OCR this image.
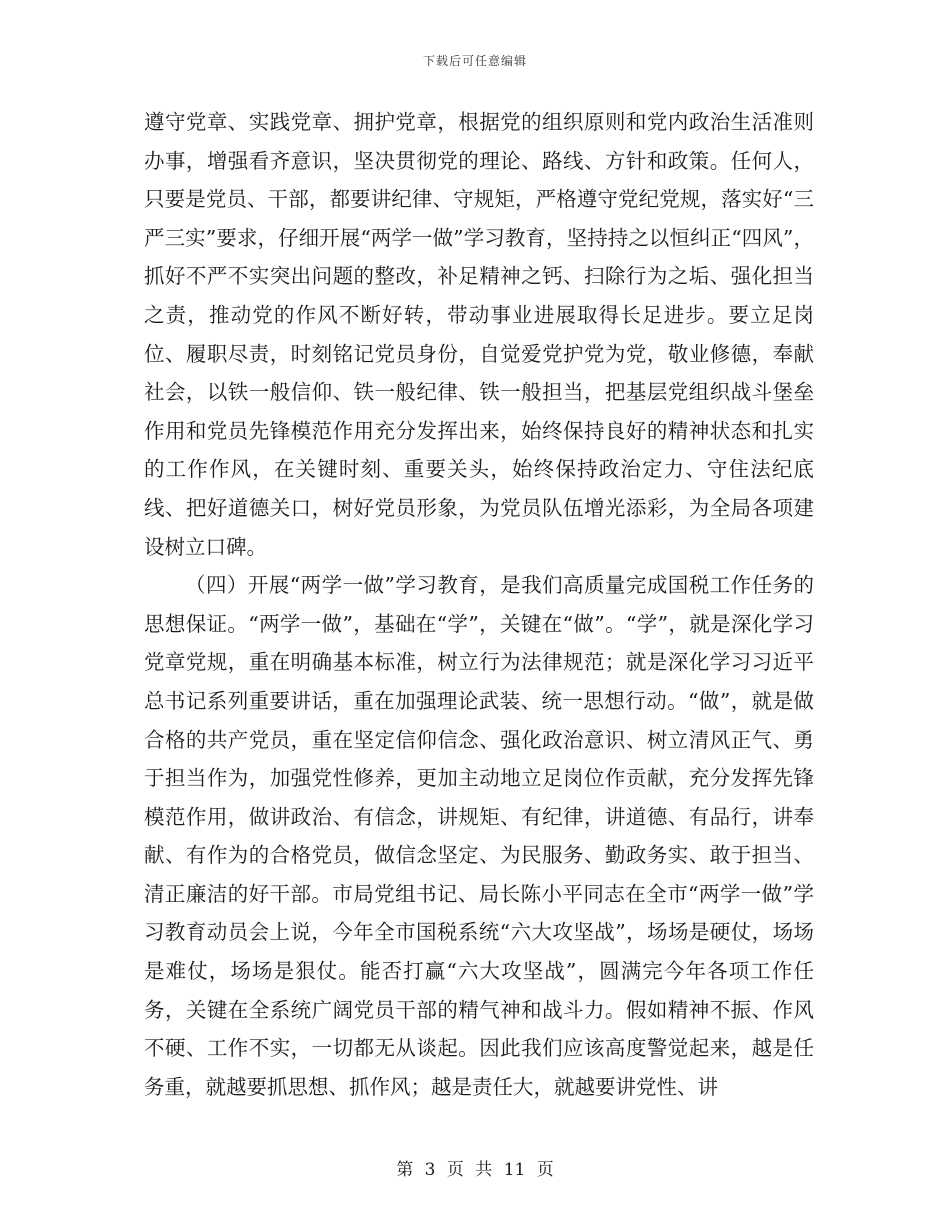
下载后可任意编辑

遵守党章、实践党章、拥护党章，根据党的组织原则和党内政治生活准则办事，增强看齐意识，坚决贯彻党的理论、路线、方针和政策。任何人，只要是党员、干部，都要讲纪律、守规矩，严格遵守党纪党规，落实好“三严三实”要求，仔细开展“两学一做”学习教育，坚持持之以恒纠正“四风”，抓好不严不实突出问题的整改，补足精神之钙、扫除行为之垢、强化担当之责，推动党的作风不断好转，带动事业进展取得长足进步。要立足岗位、履职尽责，时刻铭记党员身份，自觉爱党护党为党，敬业修德，奉献社会，以铁一般信仰、铁一般纪律、铁一般担当，把基层党组织战斗堡垒作用和党员先锋模范作用充分发挥出来，始终保持良好的精神状态和扎实的工作作风，在关键时刻、重要关头，始终保持政治定力、守住法纪底线、把好道德关口，树好党员形象，为党员队伍增光添彩，为全局各项建设树立口碑。

（四）开展“两学一做”学习教育，是我们高质量完成国税工作任务的思想保证。“两学一做”，基础在“学”，关键在“做”。“学”，就是深化学习党章党规，重在明确基本标准，树立行为法律规范；就是深化学习习近平总书记系列重要讲话，重在加强理论武装、统一思想行动。“做”，就是做合格的共产党员，重在坚定信仰信念、强化政治意识、树立清风正气、勇于担当作为，加强党性修养，更加主动地立足岗位作贡献，充分发挥先锋模范作用，做讲政治、有信念，讲规矩、有纪律，讲道德、有品行，讲奉献、有作为的合格党员，做信念坚定、为民服务、勤政务实、敢于担当、清正廉洁的好干部。市局党组书记、局长陈小平同志在全市“两学一做”学习教育动员会上说，今年全市国税系统“六大攻坚战”，场场是硬仗，场场是难仗，场场是狠仗。能否打赢“六大攻坚战”，圆满完今年各项工作任务，关键在全系统广阔党员干部的精气神和战斗力。假如精神不振、作风不硬、工作不实，一切都无从谈起。因此我们应该高度警觉起来，越是任务重，就越要抓思想、抓作风；越是责任大，就越要讲党性、讲

第 3 页 共 11 页
